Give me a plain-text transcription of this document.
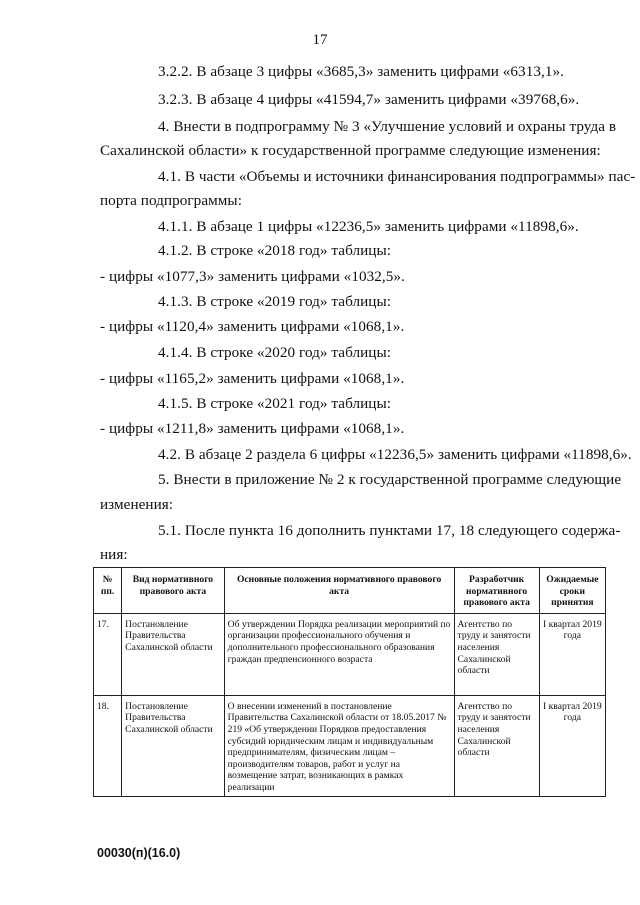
17
3.2.2. В абзаце 3 цифры «3685,3» заменить цифрами «6313,1».
3.2.3. В абзаце 4 цифры «41594,7» заменить цифрами «39768,6».
4. Внести в подпрограмму № 3 «Улучшение условий и охраны труда в
Сахалинской области» к государственной программе следующие изменения:
4.1. В части «Объемы и источники финансирования подпрограммы» пас-
порта подпрограммы:
4.1.1. В абзаце 1 цифры «12236,5» заменить цифрами «11898,6».
4.1.2. В строке «2018 год» таблицы:
- цифры «1077,3» заменить цифрами «1032,5».
4.1.3. В строке «2019 год» таблицы:
- цифры «1120,4» заменить цифрами «1068,1».
4.1.4. В строке «2020 год» таблицы:
- цифры «1165,2» заменить цифрами «1068,1».
4.1.5. В строке «2021 год» таблицы:
- цифры «1211,8» заменить цифрами «1068,1».
4.2. В абзаце 2 раздела 6 цифры «12236,5» заменить цифрами «11898,6».
5. Внести в приложение № 2 к государственной программе следующие
изменения:
5.1. После пункта 16 дополнить пунктами 17, 18 следующего содержа-
ния:
№ пп.	Вид нормативного правового акта	Основные положения нормативного правового акта	Разработчик нормативного правового акта	Ожидаемые сроки принятия
17.	Постановление Правительства Сахалинской области	Об утверждении Порядка реализации мероприятий по организации профессионального обучения и дополнительного профессионального образования граждан предпенсионного возраста	Агентство по труду и занятости населения Сахалинской области	I квартал 2019 года
18.	Постановление Правительства Сахалинской области	О внесении изменений в постановление Правительства Сахалинской области от 18.05.2017 № 219 «Об утверждении Порядков предоставления субсидий юридическим лицам и индивидуальным предпринимателям, физическим лицам – производителям товаров, работ и услуг на возмещение затрат, возникающих в рамках реализации	Агентство по труду и занятости населения Сахалинской области	I квартал 2019 года
00030(п)(16.0)
